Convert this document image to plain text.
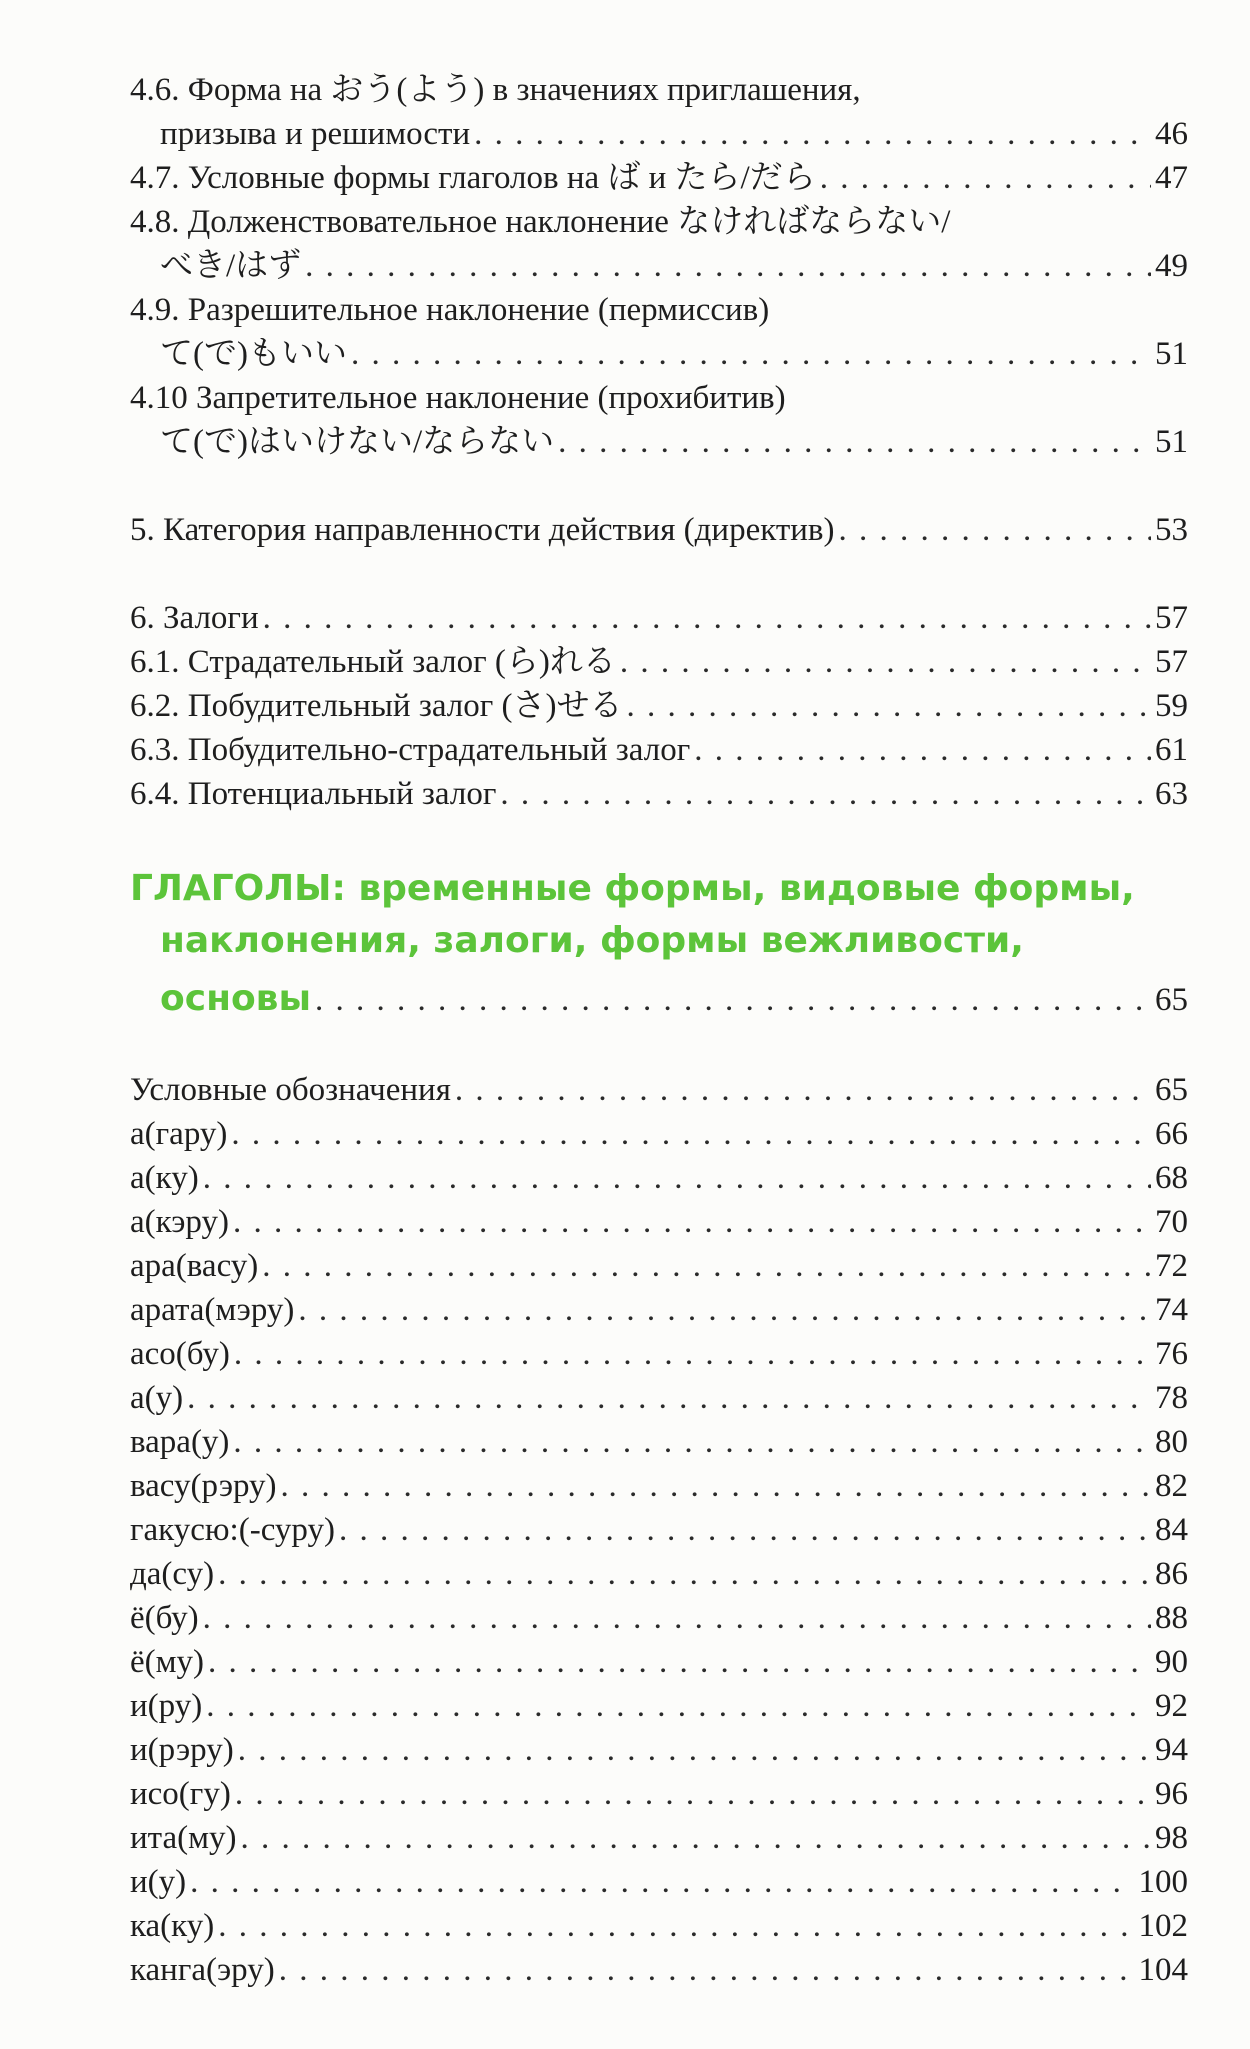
4.6. Форма на おう(よう) в значениях приглашения,
призыва и решимости . . .	46
4.7. Условные формы глаголов на ば и たら/だら . . .	47
4.8. Долженствовательное наклонение なければならない/
べき/はず . . .	49
4.9. Разрешительное наклонение (пермиссив)
て(で)もいい . . .	51
4.10 Запретительное наклонение (прохибитив)
て(で)はいけない/ならない . . .	51
5. Категория направленности действия (директив) . . .	53
6. Залоги . . .	57
6.1. Страдательный залог (ら)れる . . .	57
6.2. Побудительный залог (さ)せる . . .	59
6.3. Побудительно-страдательный залог . . .	61
6.4. Потенциальный залог . . .	63
ГЛАГОЛЫ: временные формы, видовые формы,
наклонения, залоги, формы вежливости,
основы . . .	65
Условные обозначения . . .	65
а(гару) . . .	66
а(ку) . . .	68
а(кэру) . . .	70
ара(васу) . . .	72
арата(мэру) . . .	74
асо(бу) . . .	76
а(у) . . .	78
вара(у) . . .	80
васу(рэру) . . .	82
гакусю:(-суру) . . .	84
да(су) . . .	86
ё(бу) . . .	88
ё(му) . . .	90
и(ру) . . .	92
и(рэру) . . .	94
исо(гу) . . .	96
ита(му) . . .	98
и(у) . . .	100
ка(ку) . . .	102
канга(эру) . . .	104
